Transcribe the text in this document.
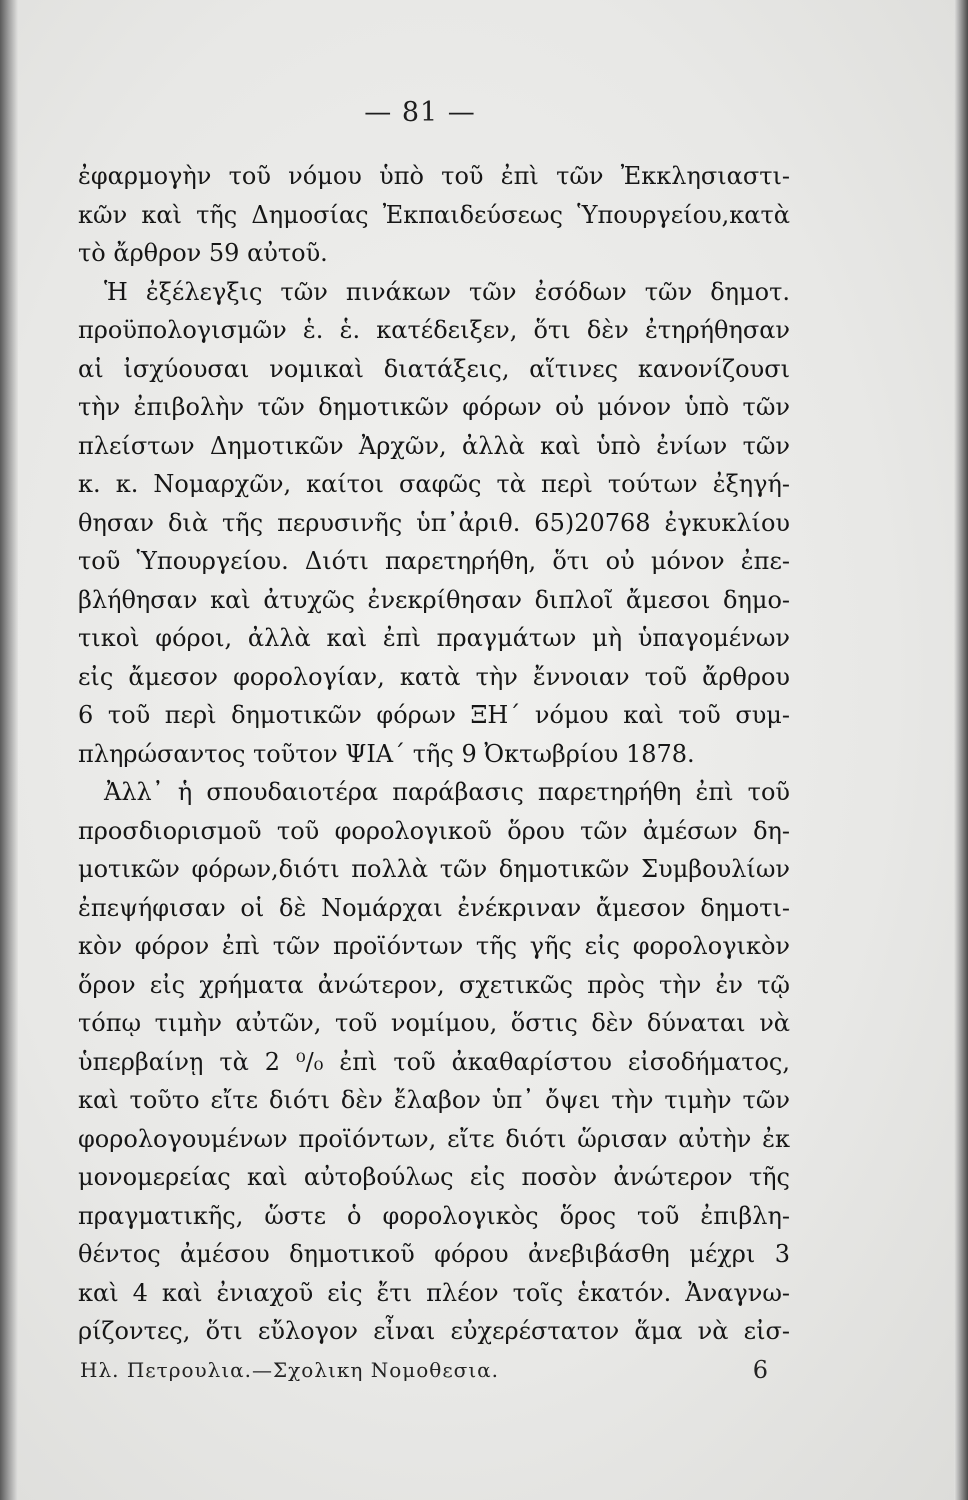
— 81 —
ἐφαρμογὴν τοῦ νόμου ὑπὸ τοῦ ἐπὶ τῶν Ἐκκλησιαστι-
κῶν καὶ τῆς Δημοσίας Ἐκπαιδεύσεως Ὑπουργείου,κατὰ
τὸ ἄρθρον 59 αὐτοῦ.
Ἡ ἐξέλεγξις τῶν πινάκων τῶν ἐσόδων τῶν δημοτ.
προϋπολογισμῶν ἑ. ἑ. κατέδειξεν, ὅτι δὲν ἐτηρήθησαν
αἱ ἰσχύουσαι νομικαὶ διατάξεις, αἵτινες κανονίζουσι
τὴν ἐπιβολὴν τῶν δημοτικῶν φόρων οὐ μόνον ὑπὸ τῶν
πλείστων Δημοτικῶν Ἀρχῶν, ἀλλὰ καὶ ὑπὸ ἐνίων τῶν
κ. κ. Νομαρχῶν, καίτοι σαφῶς τὰ περὶ τούτων ἐξηγή-
θησαν διὰ τῆς περυσινῆς ὑπ᾽ἀριθ. 65)20768 ἐγκυκλίου
τοῦ Ὑπουργείου. Διότι παρετηρήθη, ὅτι οὐ μόνον ἐπε-
βλήθησαν καὶ ἀτυχῶς ἐνεκρίθησαν διπλοῖ ἄμεσοι δημο-
τικοὶ φόροι, ἀλλὰ καὶ ἐπὶ πραγμάτων μὴ ὑπαγομένων
εἰς ἄμεσον φορολογίαν, κατὰ τὴν ἔννοιαν τοῦ ἄρθρου
6 τοῦ περὶ δημοτικῶν φόρων ΞΗ΄ νόμου καὶ τοῦ συμ-
πληρώσαντος τοῦτον ΨΙΑ΄ τῆς 9 Ὀκτωβρίου 1878.
Ἀλλ᾽ ἡ σπουδαιοτέρα παράβασις παρετηρήθη ἐπὶ τοῦ
προσδιορισμοῦ τοῦ φορολογικοῦ ὅρου τῶν ἀμέσων δη-
μοτικῶν φόρων,διότι πολλὰ τῶν δημοτικῶν Συμβουλίων
ἐπεψήφισαν οἱ δὲ Νομάρχαι ἐνέκριναν ἄμεσον δημοτι-
κὸν φόρον ἐπὶ τῶν προϊόντων τῆς γῆς εἰς φορολογικὸν
ὅρον εἰς χρήματα ἀνώτερον, σχετικῶς πρὸς τὴν ἐν τῷ
τόπῳ τιμὴν αὐτῶν, τοῦ νομίμου, ὅστις δὲν δύναται νὰ
ὑπερβαίνῃ τὰ 2 ⁰/₀ ἐπὶ τοῦ ἀκαθαρίστου εἰσοδήματος,
καὶ τοῦτο εἴτε διότι δὲν ἔλαβον ὑπ᾽ ὄψει τὴν τιμὴν τῶν
φορολογουμένων προϊόντων, εἴτε διότι ὥρισαν αὐτὴν ἐκ
μονομερείας καὶ αὐτοβούλως εἰς ποσὸν ἀνώτερον τῆς
πραγματικῆς, ὥστε ὁ φορολογικὸς ὅρος τοῦ ἐπιβλη-
θέντος ἀμέσου δημοτικοῦ φόρου ἀνεβιβάσθη μέχρι 3
καὶ 4 καὶ ἐνιαχοῦ εἰς ἔτι πλέον τοῖς ἑκατόν. Ἀναγνω-
ρίζοντες, ὅτι εὔλογον εἶναι εὐχερέστατον ἅμα νὰ εἰσ-
Ηλ. Πετρουλια.—Σχολικη Νομοθεσια.	6
